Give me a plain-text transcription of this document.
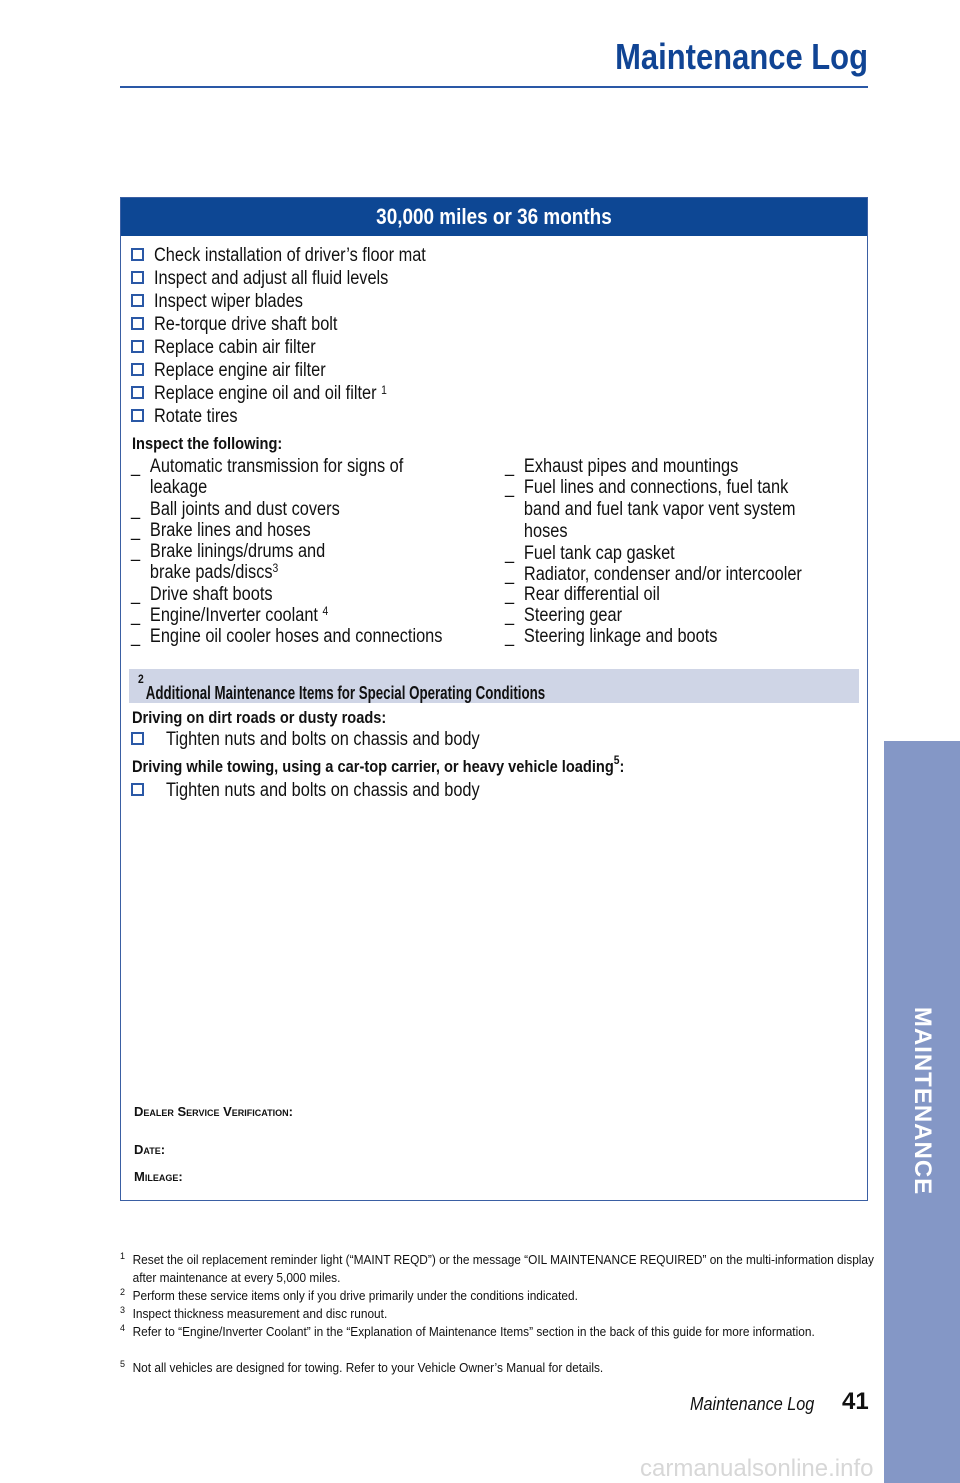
Maintenance Log
30,000 miles or 36 months
Check installation of driver’s floor mat
Inspect and adjust all fluid levels
Inspect wiper blades
Re-torque drive shaft bolt
Replace cabin air filter
Replace engine air filter
Replace engine oil and oil filter $^1$
Rotate tires
Inspect the following:
_ Automatic transmission for signs of
leakage
_ Ball joints and dust covers
_ Brake lines and hoses
_ Brake linings/drums and
brake pads/discs$^3$
_ Drive shaft boots
_ Engine/Inverter coolant $^4$
_ Engine oil cooler hoses and connections
_ Exhaust pipes and mountings
_ Fuel lines and connections, fuel tank
band and fuel tank vapor vent system
hoses
_ Fuel tank cap gasket
_ Radiator, condenser and/or intercooler
_ Rear differential oil
_ Steering gear
_ Steering linkage and boots
Additional Maintenance Items for Special Operating Conditions
$^2$
Driving on dirt roads or dusty roads:
Tighten nuts and bolts on chassis and body
Driving while towing, using a car-top carrier, or heavy vehicle loading$^5$:
Tighten nuts and bolts on chassis and body
Dealer Service Verification:
Date:
Mileage:
1 Reset the oil replacement reminder light (“MAINT REQD”) or the message “OIL MAINTENANCE REQUIRED” on the multi-information display after maintenance at every 5,000 miles.
2 Perform these service items only if you drive primarily under the conditions indicated.
3 Inspect thickness measurement and disc runout.
4 Refer to “Engine/Inverter Coolant” in the “Explanation of Maintenance Items” section in the back of this guide for more information.
5 Not all vehicles are designed for towing. Refer to your Vehicle Owner’s Manual for details.
Maintenance Log 41
MAINTENANCE
carmanualsonline.info
